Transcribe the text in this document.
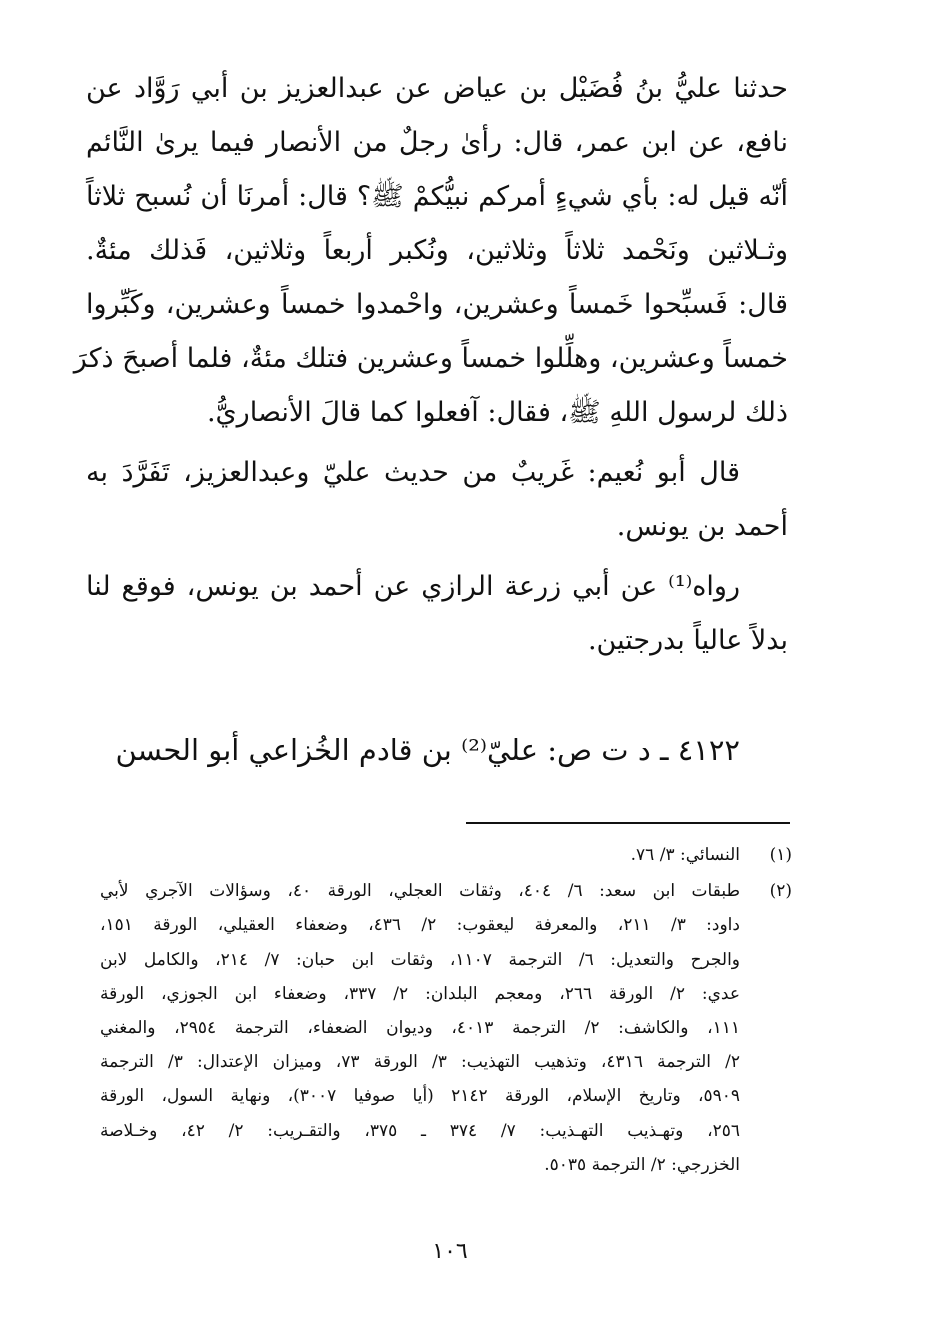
حدثنا عليُّ بنُ فُضَيْل بن عياض عن عبدالعزيز بن أبي رَوَّاد عن
نافع، عن ابن عمر، قال: رأىٰ رجلٌ من الأنصار فيما يرىٰ النَّائم
أنّه قيل له: بأي شيءٍ أمركم نبيُّكمْ ﷺ؟ قال: أمرنَا أن نُسبح ثلاثاً
وثـلاثين ونَحْمد ثلاثاً وثلاثين، ونُكبر أربعاً وثلاثين، فَذلك مئةٌ.
قال: فَسبِّحوا خَمساً وعشرين، واحْمدوا خمساً وعشرين، وكَبِّروا
خمساً وعشرين، وهلِّلوا خمساً وعشرين فتلك مئةٌ، فلما أصبحَ ذكرَ
ذلك لرسول اللهِ ﷺ، فقال: آفعلوا كما قالَ الأنصاريُّ.
قال أبو نُعيم: غَريبٌ من حديث عليّ وعبدالعزيز، تَفَرَّدَ به
أحمد بن يونس.
رواه⁽¹⁾ عن أبي زرعة الرازي عن أحمد بن يونس، فوقع لنا
بدلاً عالياً بدرجتين.
٤١٢٢ ـ د ت ص: عليّ⁽²⁾ بن قادم الخُزاعي أبو الحسن
(١)
النسائي: ٣/ ٧٦.
(٢)
طبقات ابن سعد: ٦/ ٤٠٤، وثقات العجلي، الورقة ٤٠، وسؤالات الآجري لأبي
داود: ٣/ ٢١١، والمعرفة ليعقوب: ٢/ ٤٣٦، وضعفاء العقيلي، الورقة ١٥١،
والجرح والتعديل: ٦/ الترجمة ١١٠٧، وثقات ابن حبان: ٧/ ٢١٤، والكامل لابن
عدي: ٢/ الورقة ٢٦٦، ومعجم البلدان: ٢/ ٣٣٧، وضعفاء ابن الجوزي، الورقة
١١١، والكاشف: ٢/ الترجمة ٤٠١٣، وديوان الضعفاء، الترجمة ٢٩٥٤، والمغني
٢/ الترجمة ٤٣١٦، وتذهيب التهذيب: ٣/ الورقة ٧٣، وميزان الإعتدال: ٣/ الترجمة
٥٩٠٩، وتاريخ الإسلام، الورقة ٢١٤٢ (أيا صوفيا ٣٠٠٧)، ونهاية السول، الورقة
٢٥٦، وتهـذيب التهـذيب: ٧/ ٣٧٤ ـ ٣٧٥، والتقـريب: ٢/ ٤٢، وخـلاصة
الخزرجي: ٢/ الترجمة ٥٠٣٥.
١٠٦
